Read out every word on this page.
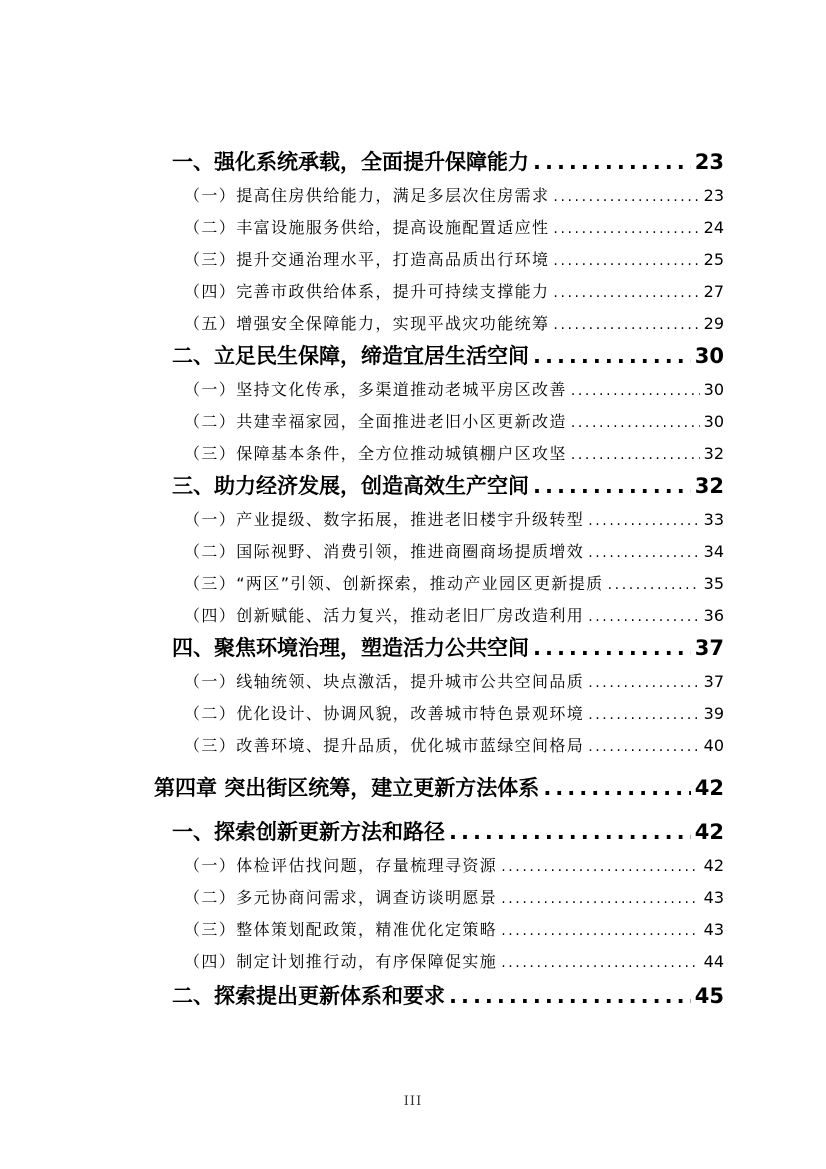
一、强化系统承载，全面提升保障能力 .....	23
（一）提高住房供给能力，满足多层次住房需求 .....	23
（二）丰富设施服务供给，提高设施配置适应性 .....	24
（三）提升交通治理水平，打造高品质出行环境 .....	25
（四）完善市政供给体系，提升可持续支撑能力 .....	27
（五）增强安全保障能力，实现平战灾功能统筹 .....	29
二、立足民生保障，缔造宜居生活空间 .....	30
（一）坚持文化传承，多渠道推动老城平房区改善 .....	30
（二）共建幸福家园，全面推进老旧小区更新改造 .....	30
（三）保障基本条件，全方位推动城镇棚户区攻坚 .....	32
三、助力经济发展，创造高效生产空间 .....	32
（一）产业提级、数字拓展，推进老旧楼宇升级转型 .....	33
（二）国际视野、消费引领，推进商圈商场提质增效 .....	34
（三）“两区”引领、创新探索，推动产业园区更新提质 .....	35
（四）创新赋能、活力复兴，推动老旧厂房改造利用 .....	36
四、聚焦环境治理，塑造活力公共空间 .....	37
（一）线轴统领、块点激活，提升城市公共空间品质 .....	37
（二）优化设计、协调风貌，改善城市特色景观环境 .....	39
（三）改善环境、提升品质，优化城市蓝绿空间格局 .....	40
第四章 突出街区统筹，建立更新方法体系 .....	42
一、探索创新更新方法和路径 .....	42
（一）体检评估找问题，存量梳理寻资源 .....	42
（二）多元协商问需求，调查访谈明愿景 .....	43
（三）整体策划配政策，精准优化定策略 .....	43
（四）制定计划推行动，有序保障促实施 .....	44
二、探索提出更新体系和要求 .....	45
III
